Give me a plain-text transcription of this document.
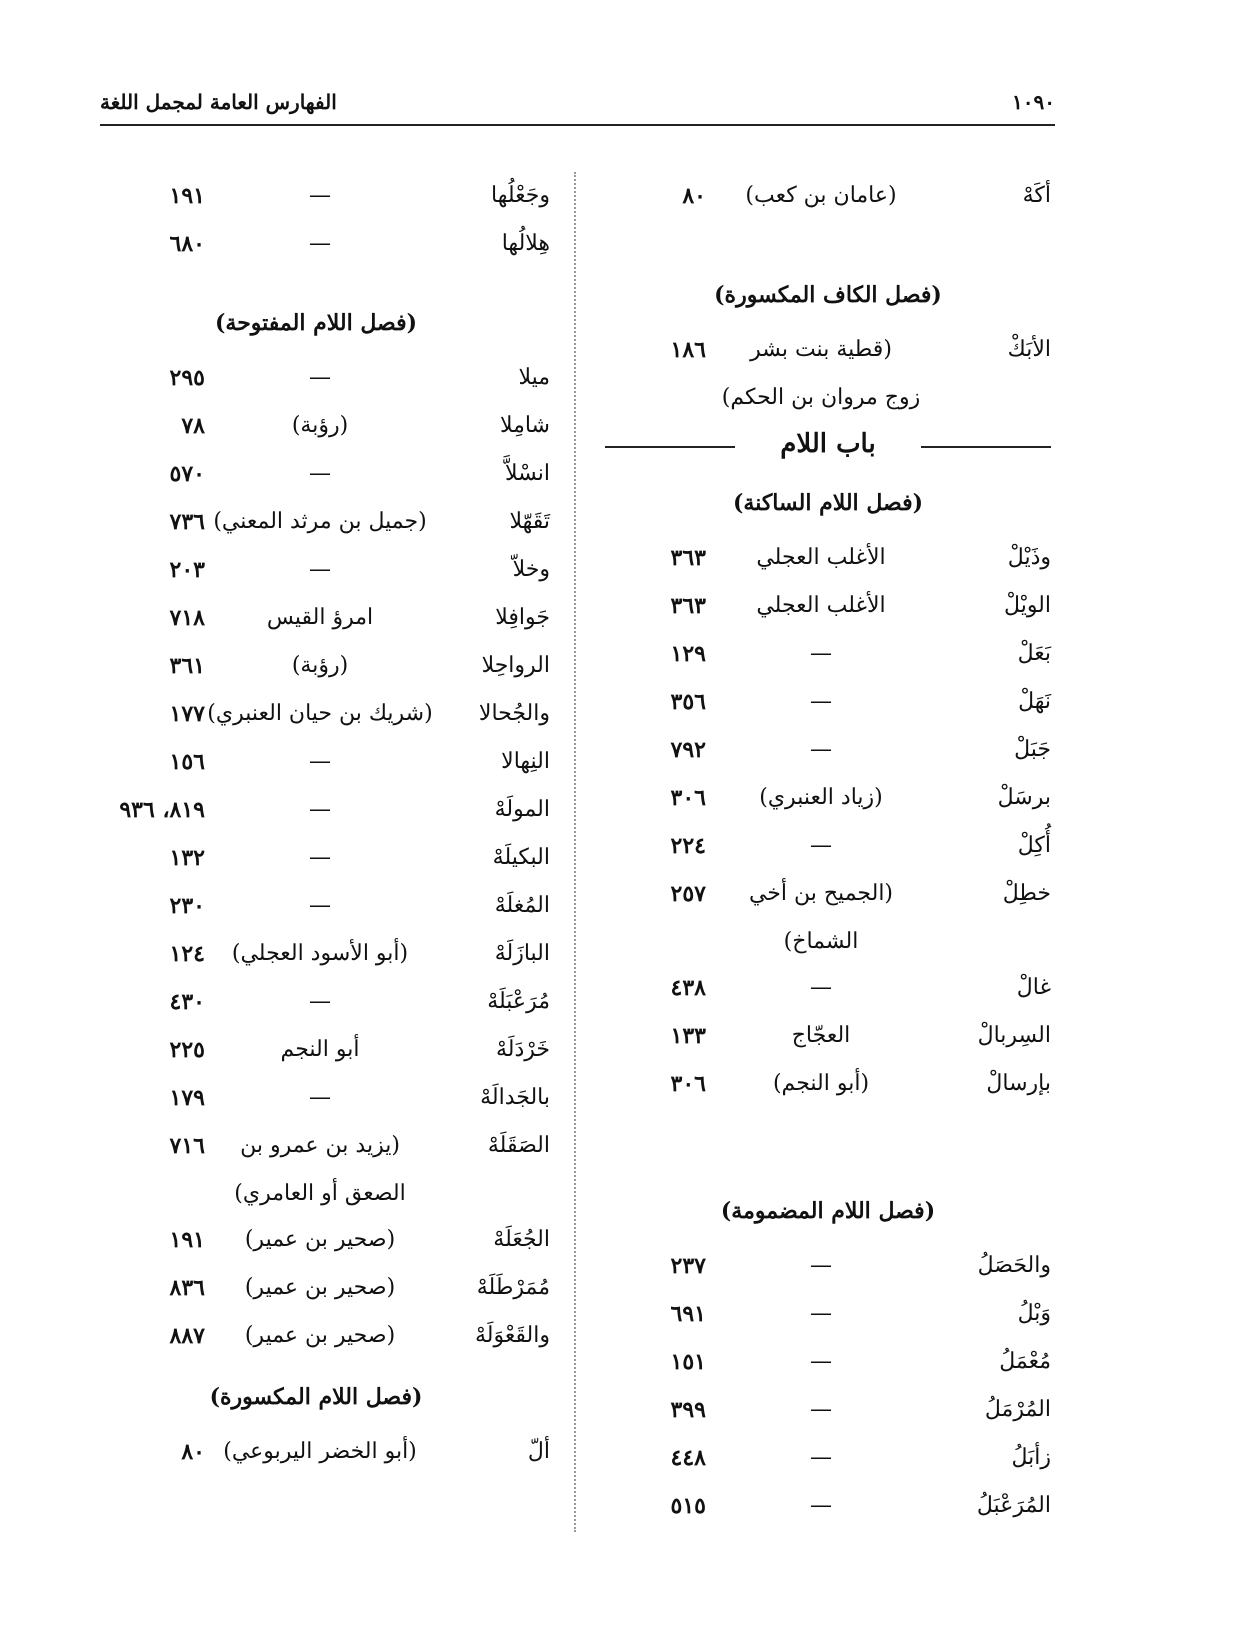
الفهارس العامة لمجمل اللغة	١٠٩٠
أكَهْ
(عامان بن كعب)
٨٠
(فصل الكاف المكسورة)
الأبَكْ
(قطية بنت بشر
١٨٦
زوج مروان بن الحكم)
باب اللام
(فصل اللام الساكنة)
وذَيْلْ
الأغلب العجلي
٣٦٣
الويْلْ
الأغلب العجلي
٣٦٣
بَعَلْ
—
١٢٩
نَهَلْ
—
٣٥٦
جَبَلْ
—
٧٩٢
برسَلْ
(زياد العنبري)
٣٠٦
أُكِلْ
—
٢٢٤
خطِلْ
(الجميح بن أخي
٢٥٧
الشماخ)
غالْ
—
٤٣٨
السِربالْ
العجّاج
١٣٣
بإرسالْ
(أبو النجم)
٣٠٦
(فصل اللام المضمومة)
والحَصَلُ
—
٢٣٧
وَبْلُ
—
٦٩١
مُعْمَلُ
—
١٥١
المُرْمَلُ
—
٣٩٩
زأبَلُ
—
٤٤٨
المُرَعْبَلُ
—
٥١٥
وجَعْلُها
—
١٩١
هِلالُها
—
٦٨٠
(فصل اللام المفتوحة)
ميلا
—
٢٩٥
شامِلا
(رؤبة)
٧٨
انسْلاَّ
—
٥٧٠
تَقَهّلا
(جميل بن مرثد المعني)
٧٣٦
وخلاّ
—
٢٠٣
جَوافِلا
امرؤ القيس
٧١٨
الرواحِلا
(رؤبة)
٣٦١
والجُحالا
(شريك بن حيان العنبري)
١٧٧
النِهالا
—
١٥٦
المولَهْ
—
٨١٩، ٩٣٦
البكيلَهْ
—
١٣٢
المُغلَهْ
—
٢٣٠
البازَلَهْ
(أبو الأسود العجلي)
١٢٤
مُرَعْبَلَهْ
—
٤٣٠
خَرْدَلَهْ
أبو النجم
٢٢٥
بالجَدالَهْ
—
١٧٩
الصَقَلَهْ
(يزيد بن عمرو بن
٧١٦
الصعق أو العامري)
الجُعَلَهْ
(صحير بن عمير)
١٩١
مُمَرْطَلَهْ
(صحير بن عمير)
٨٣٦
والقَعْوَلَهْ
(صحير بن عمير)
٨٨٧
(فصل اللام المكسورة)
ألّ
(أبو الخضر اليربوعي)
٨٠
